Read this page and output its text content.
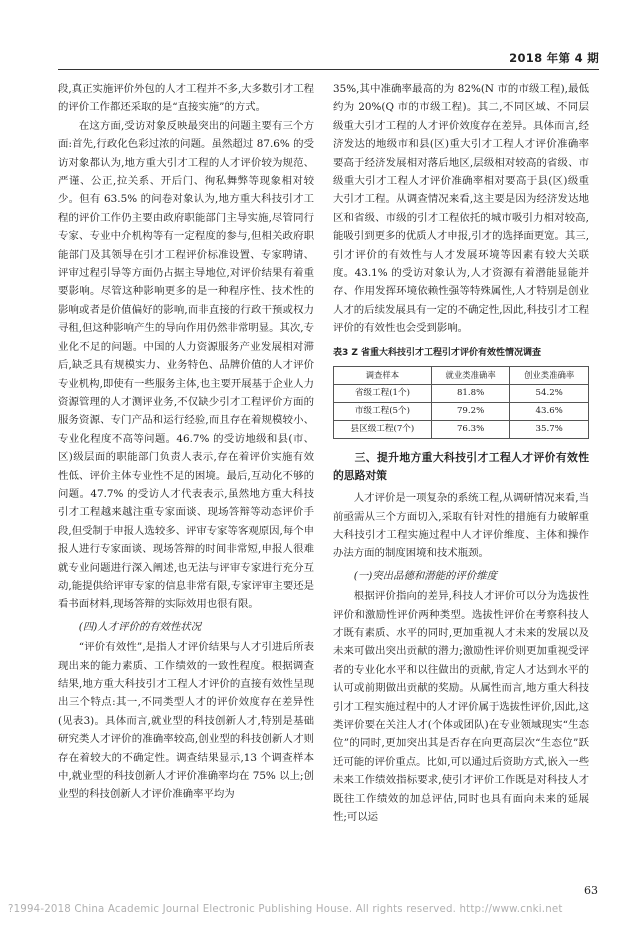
2018 年第 4 期

段,真正实施评价外包的人才工程并不多,大多数引才工程的评价工作都还采取的是“直接实施”的方式。

在这方面,受访对象反映最突出的问题主要有三个方面:首先,行政化色彩过浓的问题。虽然超过 87.6% 的受访对象都认为,地方重大引才工程的人才评价较为规范、严谨、公正,拉关系、开后门、徇私舞弊等现象相对较少。但有 63.5% 的问卷对象认为,地方重大科技引才工程的评价工作仍主要由政府职能部门主导实施,尽管同行专家、专业中介机构等有一定程度的参与,但相关政府职能部门及其领导在引才工程评价标准设置、专家聘请、评审过程引导等方面仍占据主导地位,对评价结果有着重要影响。尽管这种影响更多的是一种程序性、技术性的影响或者是价值偏好的影响,而非直接的行政干预或权力寻租,但这种影响产生的导向作用仍然非常明显。其次,专业化不足的问题。中国的人力资源服务产业发展相对滞后,缺乏具有规模实力、业务特色、品牌价值的人才评价专业机构,即使有一些服务主体,也主要开展基于企业人力资源管理的人才测评业务,不仅缺少引才工程评价方面的服务资源、专门产品和运行经验,而且存在着规模较小、专业化程度不高等问题。46.7% 的受访地级和县(市、区)级层面的职能部门负责人表示,存在着评价实施有效性低、评价主体专业性不足的困境。最后,互动化不够的问题。47.7% 的受访人才代表表示,虽然地方重大科技引才工程越来越注重专家面谈、现场答辩等动态评价手段,但受制于申报人选较多、评审专家等客观原因,每个申报人进行专家面谈、现场答辩的时间非常短,申报人很难就专业问题进行深入阐述,也无法与评审专家进行充分互动,能提供给评审专家的信息非常有限,专家评审主要还是看书面材料,现场答辩的实际效用也很有限。

(四)人才评价的有效性状况

“评价有效性”,是指人才评价结果与人才引进后所表现出来的能力素质、工作绩效的一致性程度。根据调查结果,地方重大科技引才工程人才评价的直接有效性呈现出三个特点:其一,不同类型人才的评价效度存在差异性(见表3)。具体而言,就业型的科技创新人才,特别是基础研究类人才评价的准确率较高,创业型的科技创新人才则存在着较大的不确定性。调查结果显示,13 个调查样本中,就业型的科技创新人才评价准确率均在 75% 以上;创业型的科技创新人才评价准确率平均为

35%,其中准确率最高的为 82%(N 市的市级工程),最低约为 20%(Q 市的市级工程)。其二,不同区域、不同层级重大引才工程的人才评价效度存在差异。具体而言,经济发达的地级市和县(区)重大引才工程人才评价准确率要高于经济发展相对落后地区,层级相对较高的省级、市级重大引才工程人才评价准确率相对要高于县(区)级重大引才工程。从调查情况来看,这主要是因为经济发达地区和省级、市级的引才工程依托的城市吸引力相对较高,能吸引到更多的优质人才申报,引才的选择面更宽。其三,引才评价的有效性与人才发展环境等因素有较大关联度。43.1% 的受访对象认为,人才资源有着潜能显能并存、作用发挥环境依赖性强等特殊属性,人才特别是创业人才的后续发展具有一定的不确定性,因此,科技引才工程评价的有效性也会受到影响。

表3 Z 省重大科技引才工程引才评价有效性情况调查
调查样本	就业类准确率	创业类准确率
省级工程(1个)	81.8%	54.2%
市级工程(5个)	79.2%	43.6%
县区级工程(7个)	76.3%	35.7%
三、提升地方重大科技引才工程人才评价有效性的思路对策

人才评价是一项复杂的系统工程,从调研情况来看,当前亟需从三个方面切入,采取有针对性的措施有力破解重大科技引才工程实施过程中人才评价维度、主体和操作办法方面的制度困境和技术瓶颈。

(一)突出品德和潜能的评价维度

根据评价指向的差异,科技人才评价可以分为选拔性评价和激励性评价两种类型。选拔性评价在考察科技人才既有素质、水平的同时,更加重视人才未来的发展以及未来可做出突出贡献的潜力;激励性评价则更加重视受评者的专业化水平和以往做出的贡献,肯定人才达到水平的认可或前期做出贡献的奖励。从属性而言,地方重大科技引才工程实施过程中的人才评价属于选拔性评价,因此,这类评价要在关注人才(个体或团队)在专业领域现实“生态位”的同时,更加突出其是否存在向更高层次“生态位”跃迁可能的评价重点。比如,可以通过后资助方式,嵌入一些未来工作绩效指标要求,使引才评价工作既是对科技人才既往工作绩效的加总评估,同时也具有面向未来的延展性;可以运

63
?1994-2018 China Academic Journal Electronic Publishing House. All rights reserved. http://www.cnki.net
